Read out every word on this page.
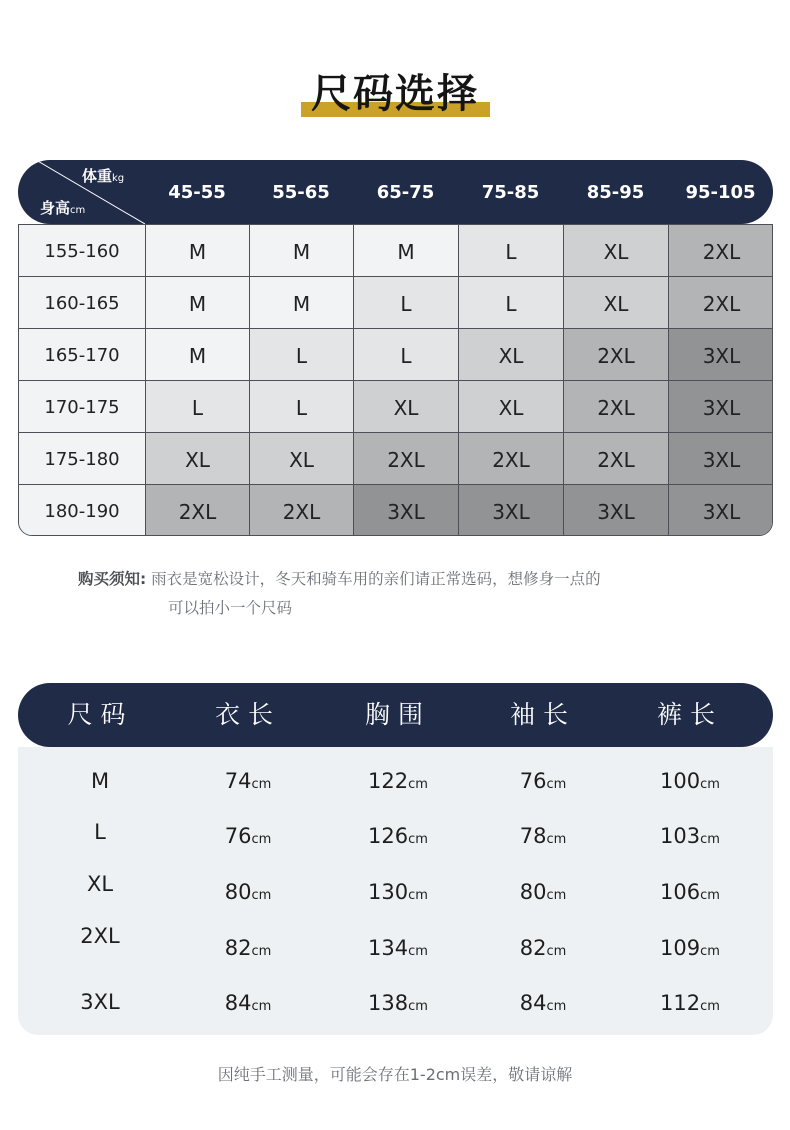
尺码选择
体重kg
身高cm
45-55	55-65	65-75	75-85	85-95	95-105
155-160	M	M	M	L	XL	2XL
160-165	M	M	L	L	XL	2XL
165-170	M	L	L	XL	2XL	3XL
170-175	L	L	XL	XL	2XL	3XL
175-180	XL	XL	2XL	2XL	2XL	3XL
180-190	2XL	2XL	3XL	3XL	3XL	3XL
购买须知: 雨衣是宽松设计，冬天和骑车用的亲们请正常选码，想修身一点的
可以拍小一个尺码
尺码	衣长	胸围	袖长	裤长
M	74cm	122cm	76cm	100cm
L	76cm	126cm	78cm	103cm
XL	80cm	130cm	80cm	106cm
2XL	82cm	134cm	82cm	109cm
3XL	84cm	138cm	84cm	112cm
因纯手工测量，可能会存在1-2cm误差，敬请谅解
